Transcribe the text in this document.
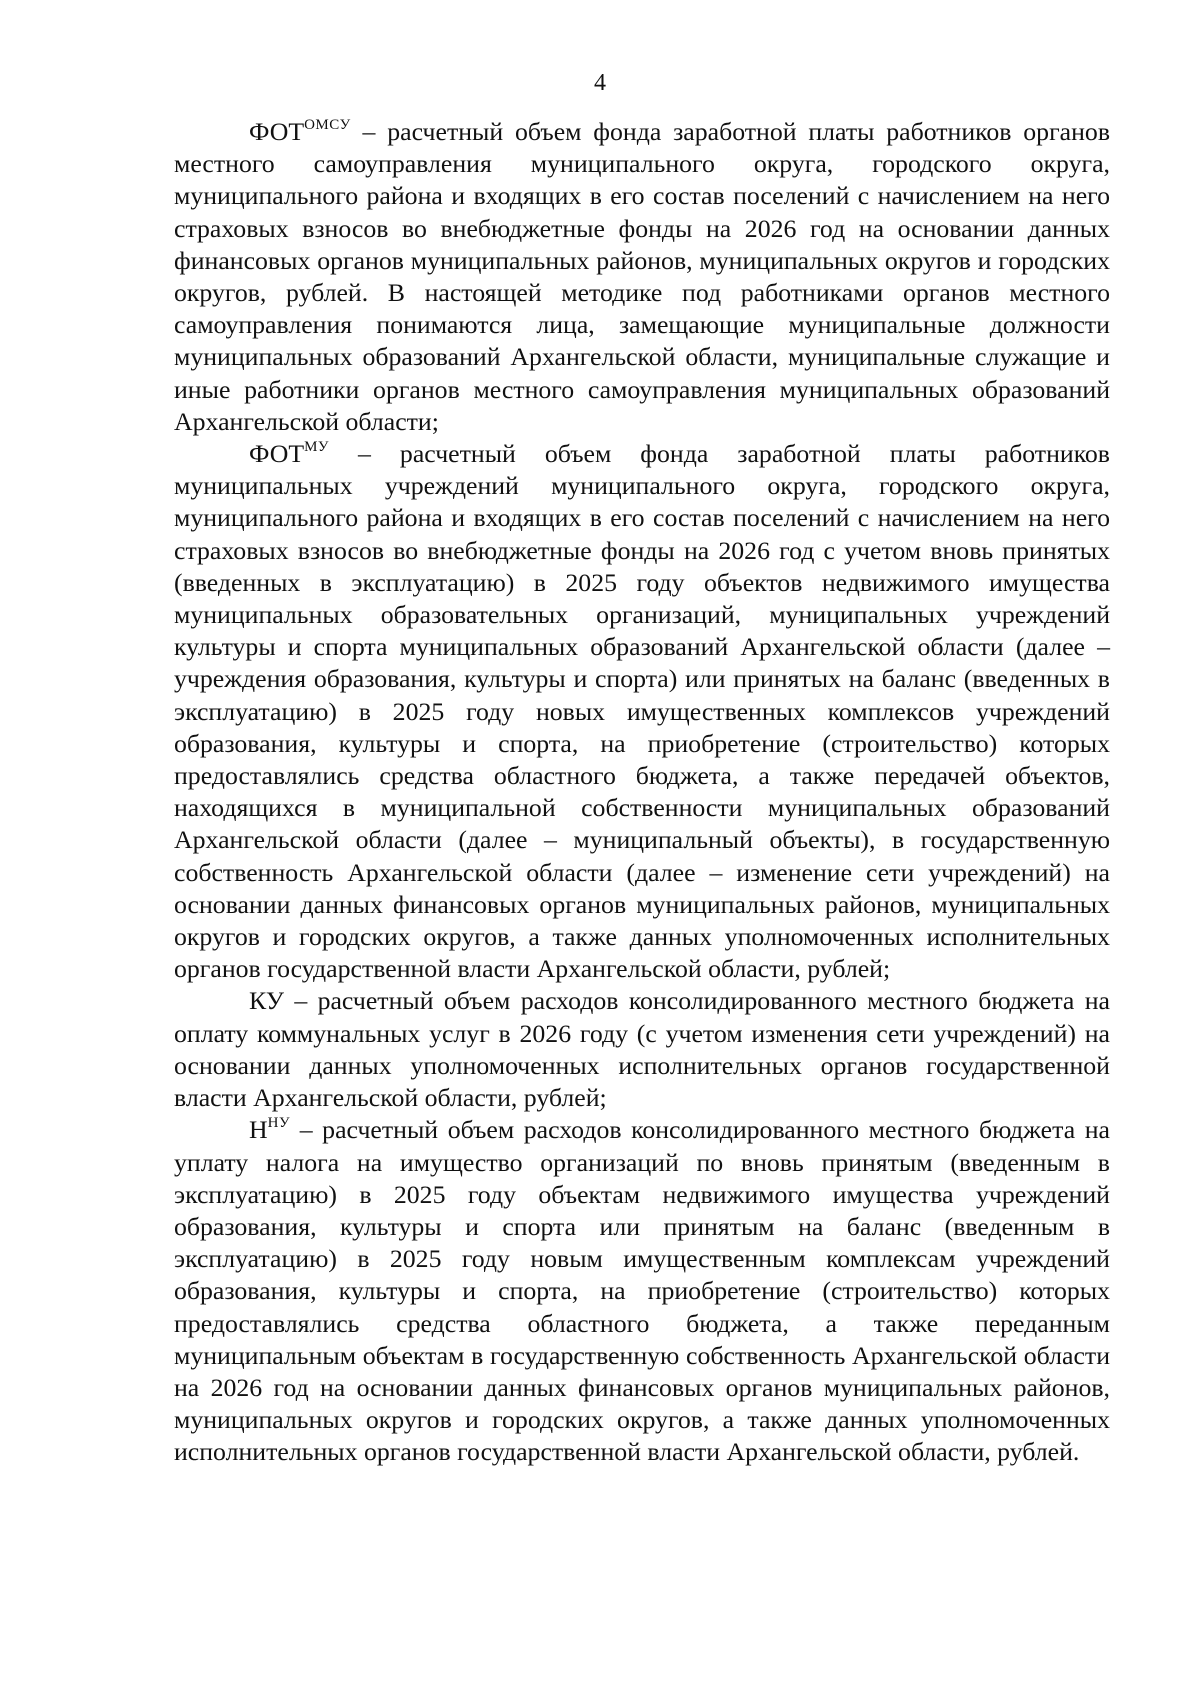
4

$ФОТ^{ОМСУ}$ – расчетный объем фонда заработной платы работников органов местного самоуправления муниципального округа, городского округа, муниципального района и входящих в его состав поселений с начислением на него страховых взносов во внебюджетные фонды на 2026 год на основании данных финансовых органов муниципальных районов, муниципальных округов и городских округов, рублей. В настоящей методике под работниками органов местного самоуправления понимаются лица, замещающие муниципальные должности муниципальных образований Архангельской области, муниципальные служащие и иные работники органов местного самоуправления муниципальных образований Архангельской области;

$ФОТ^{МУ}$ – расчетный объем фонда заработной платы работников муниципальных учреждений муниципального округа, городского округа, муниципального района и входящих в его состав поселений с начислением на него страховых взносов во внебюджетные фонды на 2026 год с учетом вновь принятых (введенных в эксплуатацию) в 2025 году объектов недвижимого имущества муниципальных образовательных организаций, муниципальных учреждений культуры и спорта муниципальных образований Архангельской области (далее – учреждения образования, культуры и спорта) или принятых на баланс (введенных в эксплуатацию) в 2025 году новых имущественных комплексов учреждений образования, культуры и спорта, на приобретение (строительство) которых предоставлялись средства областного бюджета, а также передачей объектов, находящихся в муниципальной собственности муниципальных образований Архангельской области (далее – муниципальный объекты), в государственную собственность Архангельской области (далее – изменение сети учреждений) на основании данных финансовых органов муниципальных районов, муниципальных округов и городских округов, а также данных уполномоченных исполнительных органов государственной власти Архангельской области, рублей;

КУ – расчетный объем расходов консолидированного местного бюджета на оплату коммунальных услуг в 2026 году (с учетом изменения сети учреждений) на основании данных уполномоченных исполнительных органов государственной власти Архангельской области, рублей;

$Н^{НУ}$ – расчетный объем расходов консолидированного местного бюджета на уплату налога на имущество организаций по вновь принятым (введенным в эксплуатацию) в 2025 году объектам недвижимого имущества учреждений образования, культуры и спорта или принятым на баланс (введенным в эксплуатацию) в 2025 году новым имущественным комплексам учреждений образования, культуры и спорта, на приобретение (строительство) которых предоставлялись средства областного бюджета, а также переданным муниципальным объектам в государственную собственность Архангельской области на 2026 год на основании данных финансовых органов муниципальных районов, муниципальных округов и городских округов, а также данных уполномоченных исполнительных органов государственной власти Архангельской области, рублей.
